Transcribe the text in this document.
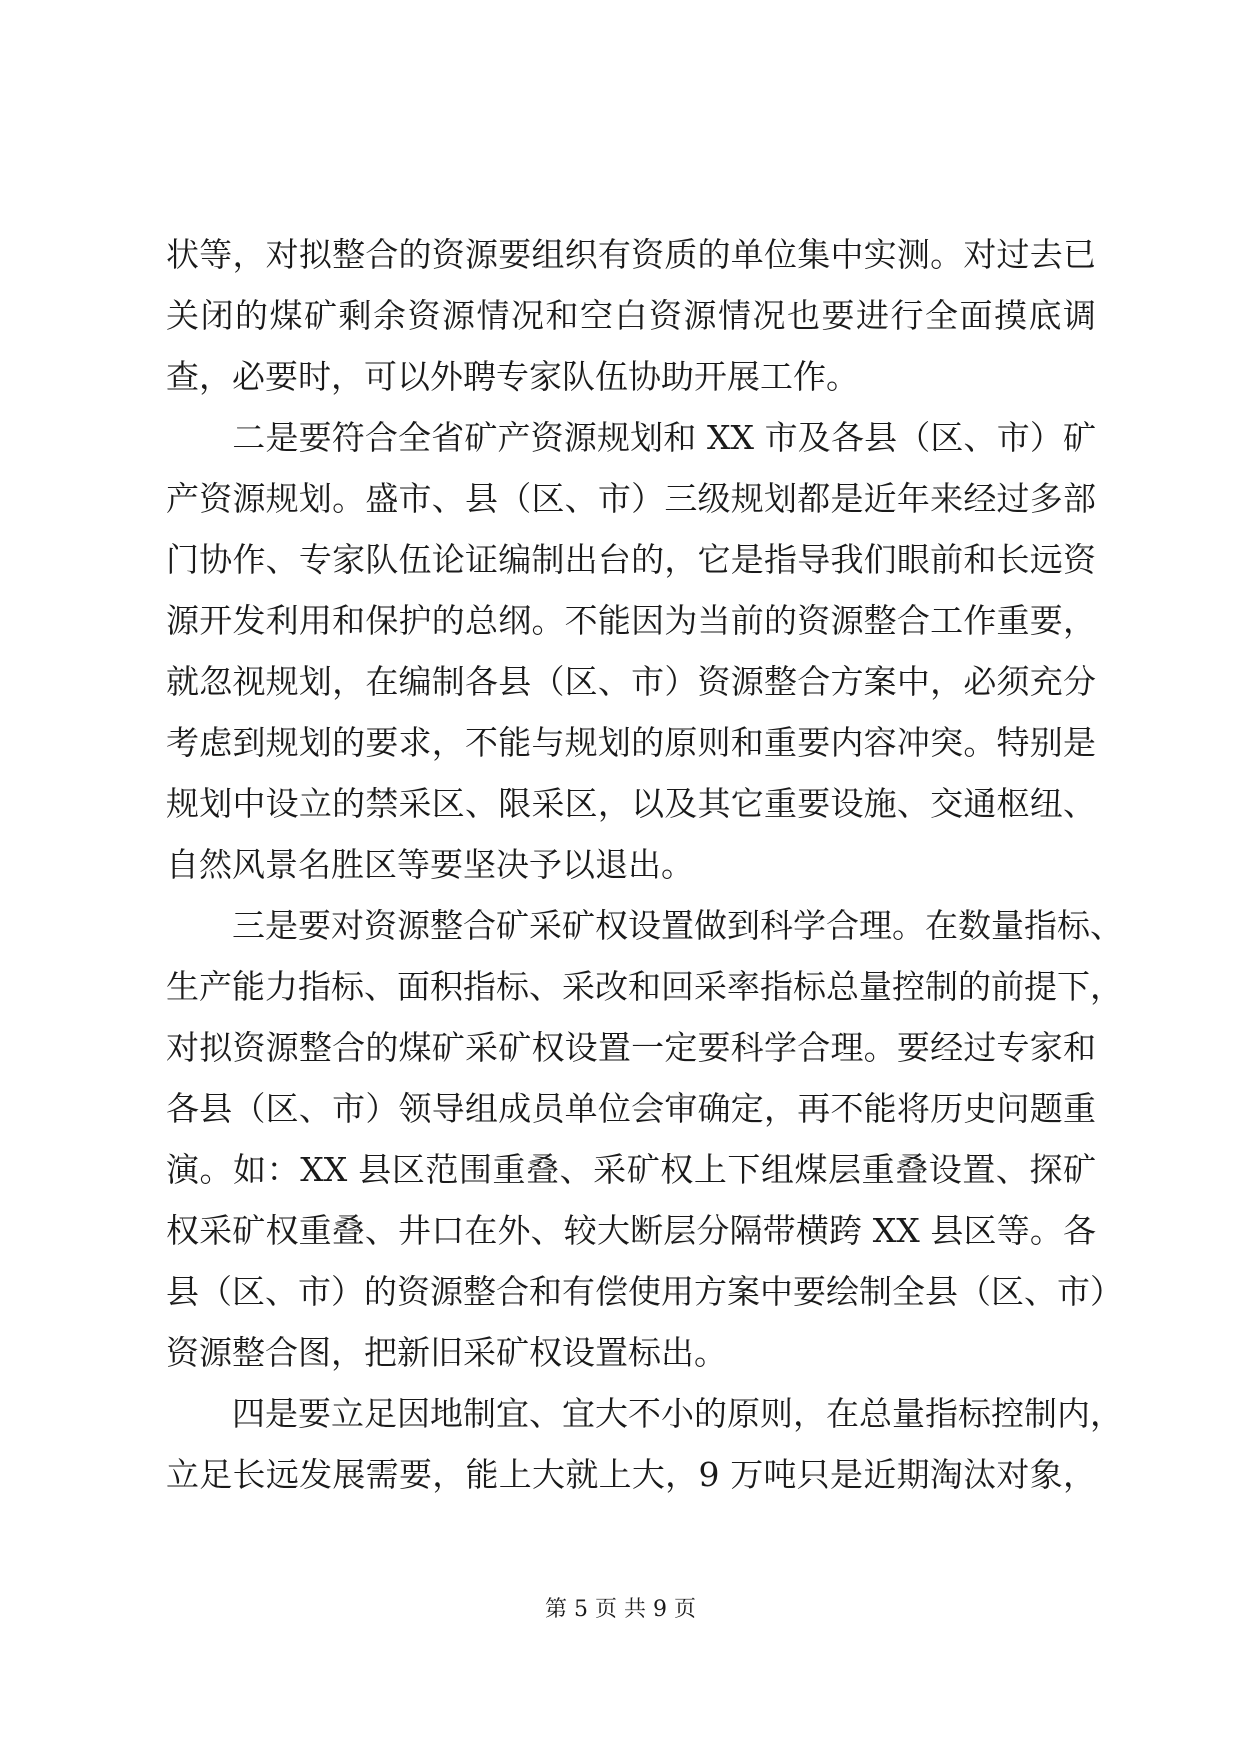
状等，对拟整合的资源要组织有资质的单位集中实测。对过去已
关闭的煤矿剩余资源情况和空白资源情况也要进行全面摸底调
查，必要时，可以外聘专家队伍协助开展工作。
　　二是要符合全省矿产资源规划和 XX 市及各县（区、市）矿
产资源规划。盛市、县（区、市）三级规划都是近年来经过多部
门协作、专家队伍论证编制出台的，它是指导我们眼前和长远资
源开发利用和保护的总纲。不能因为当前的资源整合工作重要，
就忽视规划，在编制各县（区、市）资源整合方案中，必须充分
考虑到规划的要求，不能与规划的原则和重要内容冲突。特别是
规划中设立的禁采区、限采区，以及其它重要设施、交通枢纽、
自然风景名胜区等要坚决予以退出。
　　三是要对资源整合矿采矿权设置做到科学合理。在数量指标、
生产能力指标、面积指标、采改和回采率指标总量控制的前提下，
对拟资源整合的煤矿采矿权设置一定要科学合理。要经过专家和
各县（区、市）领导组成员单位会审确定，再不能将历史问题重
演。如：XX 县区范围重叠、采矿权上下组煤层重叠设置、探矿
权采矿权重叠、井口在外、较大断层分隔带横跨 XX 县区等。各
县（区、市）的资源整合和有偿使用方案中要绘制全县（区、市）
资源整合图，把新旧采矿权设置标出。
　　四是要立足因地制宜、宜大不小的原则，在总量指标控制内，
立足长远发展需要，能上大就上大，9 万吨只是近期淘汰对象，
第 5 页 共 9 页
